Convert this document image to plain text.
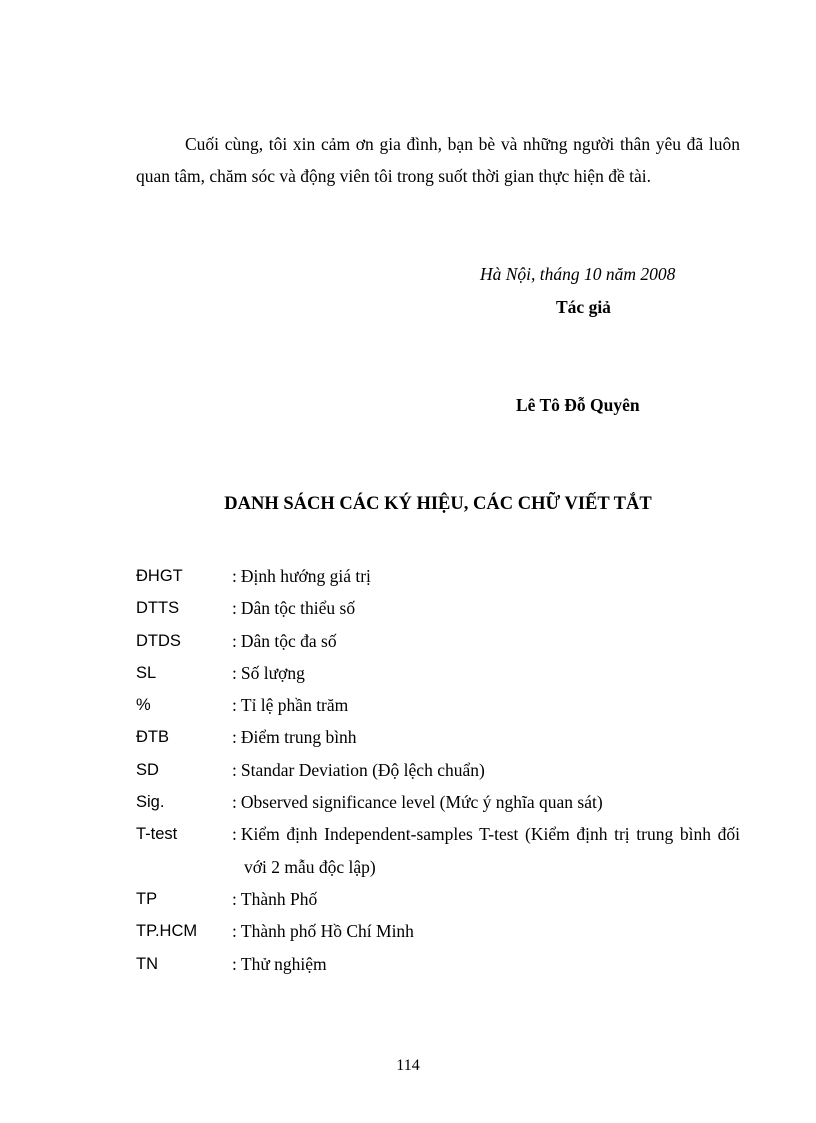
Cuối cùng, tôi xin cảm ơn gia đình, bạn bè và những người thân yêu đã luôn quan tâm, chăm sóc và động viên tôi trong suốt thời gian thực hiện đề tài.

Hà Nội, tháng 10 năm 2008
Tác giả
Lê Tô Đỗ Quyên
DANH SÁCH CÁC KÝ HIỆU, CÁC CHỮ VIẾT TẮT
ĐHGT	: Định hướng giá trị
DTTS	: Dân tộc thiểu số
DTDS	: Dân tộc đa số
SL	: Số lượng
%	: Tỉ lệ phần trăm
ĐTB	: Điểm trung bình
SD	: Standar Deviation (Độ lệch chuẩn)
Sig.	: Observed significance level (Mức ý nghĩa quan sát)
T-test	: Kiểm định Independent-samples T-test (Kiểm định trị trung bình đối với 2 mẫu độc lập)
TP	: Thành Phố
TP.HCM	: Thành phố Hồ Chí Minh
TN	: Thử nghiệm
114
